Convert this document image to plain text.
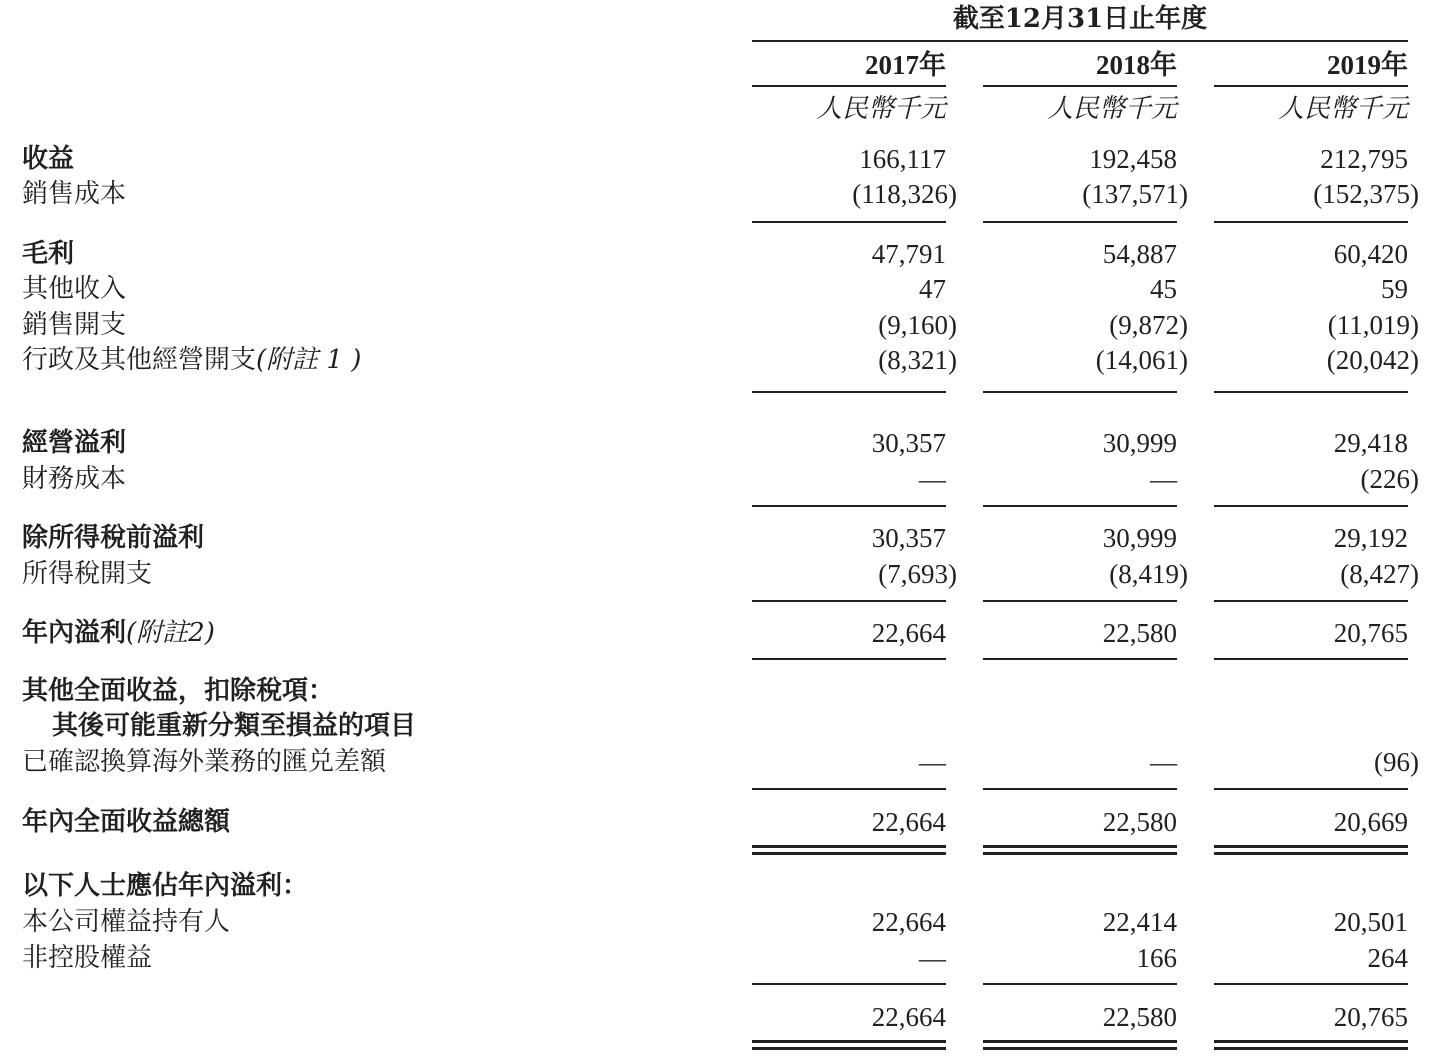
截至12月31日止年度
2017年	2018年	2019年
人民幣千元	人民幣千元	人民幣千元
收益	166,117	192,458	212,795
銷售成本	(118,326)	(137,571)	(152,375)
毛利	47,791	54,887	60,420
其他收入	47	45	59
銷售開支	(9,160)	(9,872)	(11,019)
行政及其他經營開支(附註 1 )	(8,321)	(14,061)	(20,042)
經營溢利	30,357	30,999	29,418
財務成本	—	—	(226)
除所得稅前溢利	30,357	30,999	29,192
所得稅開支	(7,693)	(8,419)	(8,427)
年內溢利(附註2)	22,664	22,580	20,765
其他全面收益，扣除稅項：
其後可能重新分類至損益的項目
已確認換算海外業務的匯兑差額	—	—	(96)
年內全面收益總額	22,664	22,580	20,669
以下人士應佔年內溢利：
本公司權益持有人	22,664	22,414	20,501
非控股權益	—	166	264
22,664	22,580	20,765
